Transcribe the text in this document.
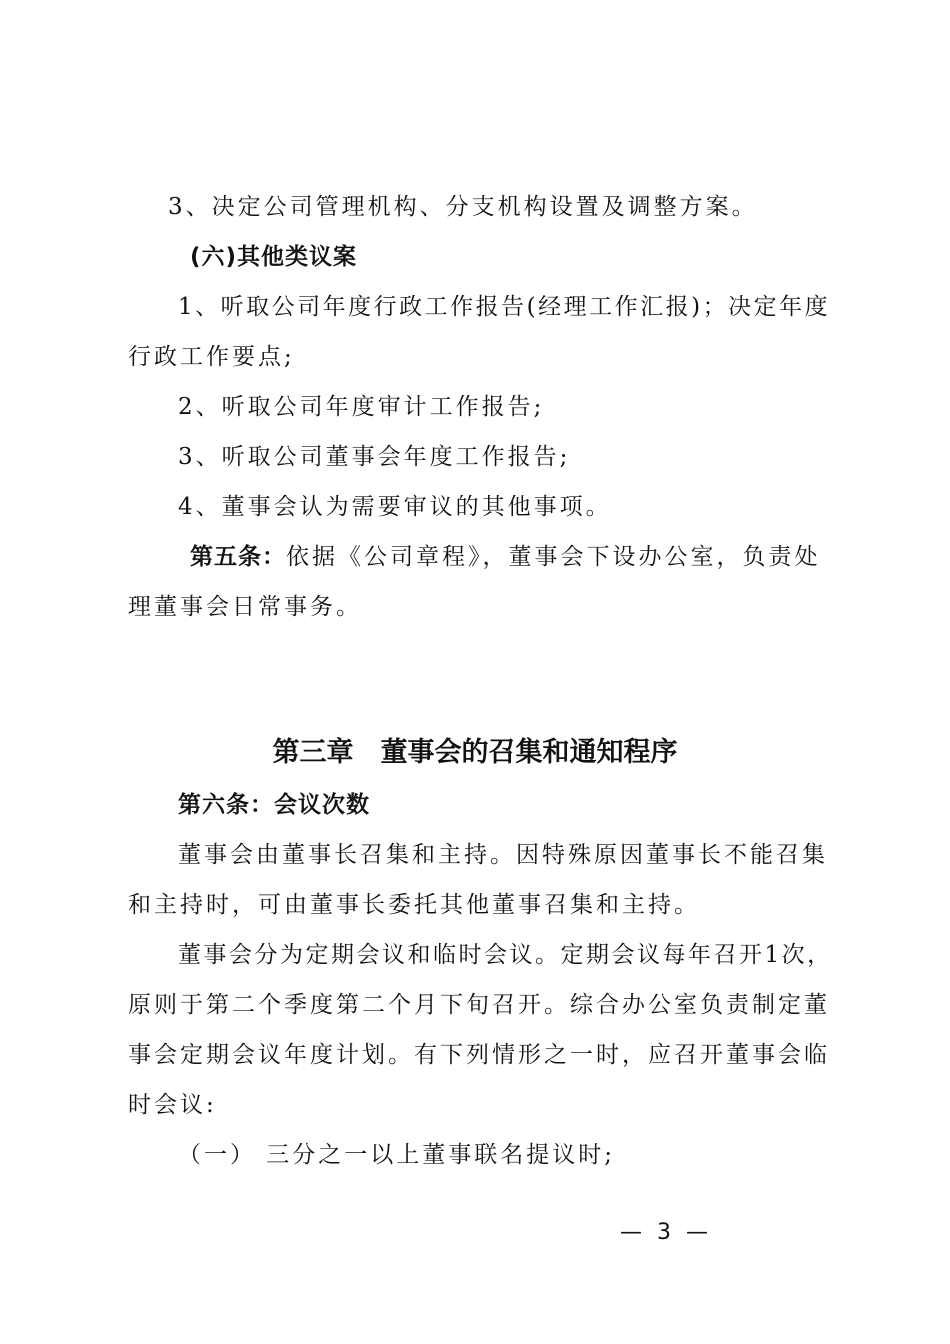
3、决定公司管理机构、分支机构设置及调整方案。
(六)其他类议案
1、听取公司年度行政工作报告(经理工作汇报)；决定年度
行政工作要点;
2、听取公司年度审计工作报告;
3、听取公司董事会年度工作报告;
4、董事会认为需要审议的其他事项。
第五条：依据《公司章程》，董事会下设办公室，负责处
理董事会日常事务。
第三章　董事会的召集和通知程序
第六条：会议次数
董事会由董事长召集和主持。因特殊原因董事长不能召集
和主持时，可由董事长委托其他董事召集和主持。
董事会分为定期会议和临时会议。定期会议每年召开1次，
原则于第二个季度第二个月下旬召开。综合办公室负责制定董
事会定期会议年度计划。有下列情形之一时，应召开董事会临
时会议:
（一） 三分之一以上董事联名提议时;
— 3 —
